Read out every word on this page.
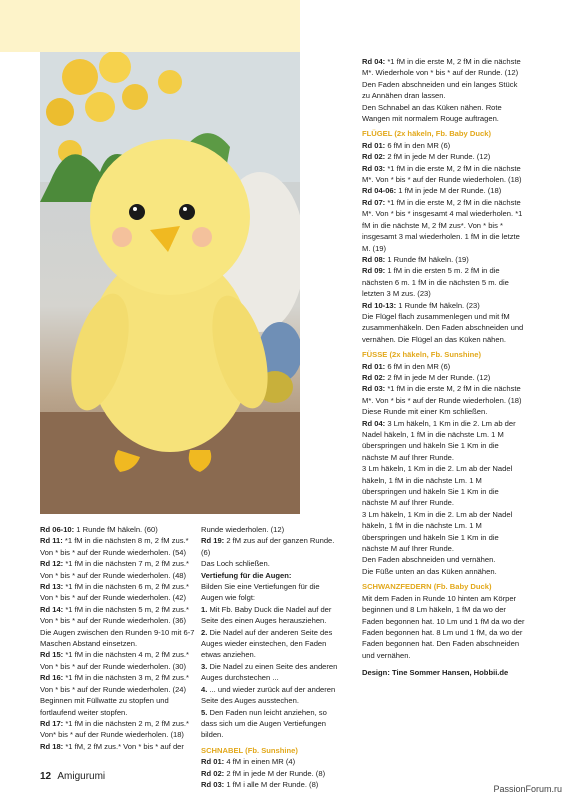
Rd 06-10: 1 Runde fM häkeln. (60)

Rd 11: *1 fM in die nächsten 8 m, 2 fM zus.* Von * bis * auf der Runde wiederholen. (54)

Rd 12: *1 fM in die nächsten 7 m, 2 fM zus.* Von * bis * auf der Runde wiederholen. (48)

Rd 13: *1 fM in die nächsten 6 m, 2 fM zus.* Von * bis * auf der Runde wiederholen. (42)

Rd 14: *1 fM in die nächsten 5 m, 2 fM zus.* Von * bis * auf der Runde wiederholen. (36)

Die Augen zwischen den Runden 9-10 mit 6-7 Maschen Abstand einsetzen.

Rd 15: *1 fM in die nächsten 4 m, 2 fM zus.* Von * bis * auf der Runde wiederholen. (30)

Rd 16: *1 fM in die nächsten 3 m, 2 fM zus.* Von * bis * auf der Runde wiederholen. (24)

Beginnen mit Füllwatte zu stopfen und fortlaufend weiter stopfen.

Rd 17: *1 fM in die nächsten 2 m, 2 fM zus.* Von* bis * auf der Runde wiederholen. (18)

Rd 18: *1 fM, 2 fM zus.* Von * bis * auf der

Runde wiederholen. (12)

Rd 19: 2 fM zus auf der ganzen Runde. (6)

Das Loch schließen.

Vertiefung für die Augen:

Bilden Sie eine Vertiefungen für die Augen wie folgt:

1. Mit Fb. Baby Duck die Nadel auf der Seite des einen Auges herausziehen.

2. Die Nadel auf der anderen Seite des Auges wieder einstechen, den Faden etwas anziehen.

3. Die Nadel zu einen Seite des anderen Auges durchstechen ...

4. ... und wieder zurück auf der anderen Seite des Auges ausstechen.

5. Den Faden nun leicht anziehen, so dass sich um die Augen Vertiefungen bilden.

SCHNABEL (Fb. Sunshine)

Rd 01: 4 fM in einen MR (4)

Rd 02: 2 fM in jede M der Runde. (8)

Rd 03: 1 fM i alle M der Runde. (8)

Rd 04: *1 fM in die erste M, 2 fM in die nächste M*. Wiederhole von * bis * auf der Runde. (12)

Den Faden abschneiden und ein langes Stück zu Annähen dran lassen.

Den Schnabel an das Küken nähen. Rote Wangen mit normalem Rouge auftragen.

FLÜGEL (2x häkeln, Fb. Baby Duck)

Rd 01: 6 fM in den MR (6)

Rd 02: 2 fM in jede M der Runde. (12)

Rd 03: *1 fM in die erste M, 2 fM in die nächste M*. Von * bis * auf der Runde wiederholen. (18)

Rd 04-06: 1 fM in jede M der Runde. (18)

Rd 07: *1 fM in die erste M, 2 fM in die nächste M*. Von * bis * insgesamt 4 mal wiederholen. *1 fM in die nächste M, 2 fM zus*. Von * bis * insgesamt 3 mal wiederholen. 1 fM in die letzte M. (19)

Rd 08: 1 Runde fM häkeln. (19)

Rd 09: 1 fM in die ersten 5 m. 2 fM in die nächsten 6 m. 1 fM in die nächsten 5 m. die letzten 3 M zus. (23)

Rd 10-13: 1 Runde fM häkeln. (23)

Die Flügel flach zusammenlegen und mit fM zusammenhäkeln. Den Faden abschneiden und vernähen. Die Flügel an das Küken nähen.

FÜSSE (2x häkeln, Fb. Sunshine)

Rd 01: 6 fM in den MR (6)

Rd 02: 2 fM in jede M der Runde. (12)

Rd 03: *1 fM in die erste M, 2 fM in die nächste M*. Von * bis * auf der Runde wiederholen. (18)

Diese Runde mit einer Km schließen.

Rd 04: 3 Lm häkeln, 1 Km in die 2. Lm ab der Nadel häkeln, 1 fM in die nächste Lm. 1 M überspringen und häkeln Sie 1 Km in die nächste M auf Ihrer Runde.

3 Lm häkeln, 1 Km in die 2. Lm ab der Nadel häkeln, 1 fM in die nächste Lm. 1 M überspringen und häkeln Sie 1 Km in die nächste M auf Ihrer Runde.

3 Lm häkeln, 1 Km in die 2. Lm ab der Nadel häkeln, 1 fM in die nächste Lm. 1 M überspringen und häkeln Sie 1 Km in die nächste M auf Ihrer Runde.

Den Faden abschneiden und vernähen.

Die Füße unten an das Küken annähen.

SCHWANZFEDERN (Fb. Baby Duck)

Mit dem Faden in Runde 10 hinten am Körper beginnen und 8 Lm häkeln, 1 fM da wo der Faden begonnen hat. 10 Lm und 1 fM da wo der Faden begonnen hat. 8 Lm und 1 fM, da wo der Faden begonnen hat. Den Faden abschneiden und vernähen.

Design: Tine Sommer Hansen, Hobbii.de

12 Amigurumi
PassionForum.ru
